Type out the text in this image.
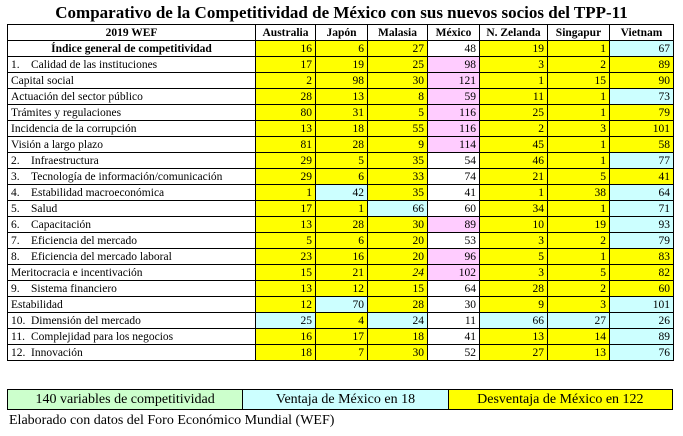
Comparativo de la Competitividad de México con sus nuevos socios del TPP-11
2019 WEF	Australia	Japón	Malasia	México	N. Zelanda	Singapur	Vietnam
Índice general de competitividad	16	6	27	48	19	1	67
1. Calidad de las instituciones	17	19	25	98	3	2	89
Capital social	2	98	30	121	1	15	90
Actuación del sector público	28	13	8	59	11	1	73
Trámites y regulaciones	80	31	5	116	25	1	79
Incidencia de la corrupción	13	18	55	116	2	3	101
Visión a largo plazo	81	28	9	114	45	1	58
2. Infraestructura	29	5	35	54	46	1	77
3. Tecnología de información/comunicación	29	6	33	74	21	5	41
4. Estabilidad macroeconómica	1	42	35	41	1	38	64
5. Salud	17	1	66	60	34	1	71
6. Capacitación	13	28	30	89	10	19	93
7. Eficiencia del mercado	5	6	20	53	3	2	79
8. Eficiencia del mercado laboral	23	16	20	96	5	1	83
Meritocracia e incentivación	15	21	24	102	3	5	82
9. Sistema financiero	13	12	15	64	28	2	60
Estabilidad	12	70	28	30	9	3	101
10. Dimensión del mercado	25	4	24	11	66	27	26
11. Complejidad para los negocios	16	17	18	41	13	14	89
12. Innovación	18	7	30	52	27	13	76
140 variables de competitividad	Ventaja de México en 18	Desventaja de México en 122
Elaborado con datos del Foro Económico Mundial (WEF)
